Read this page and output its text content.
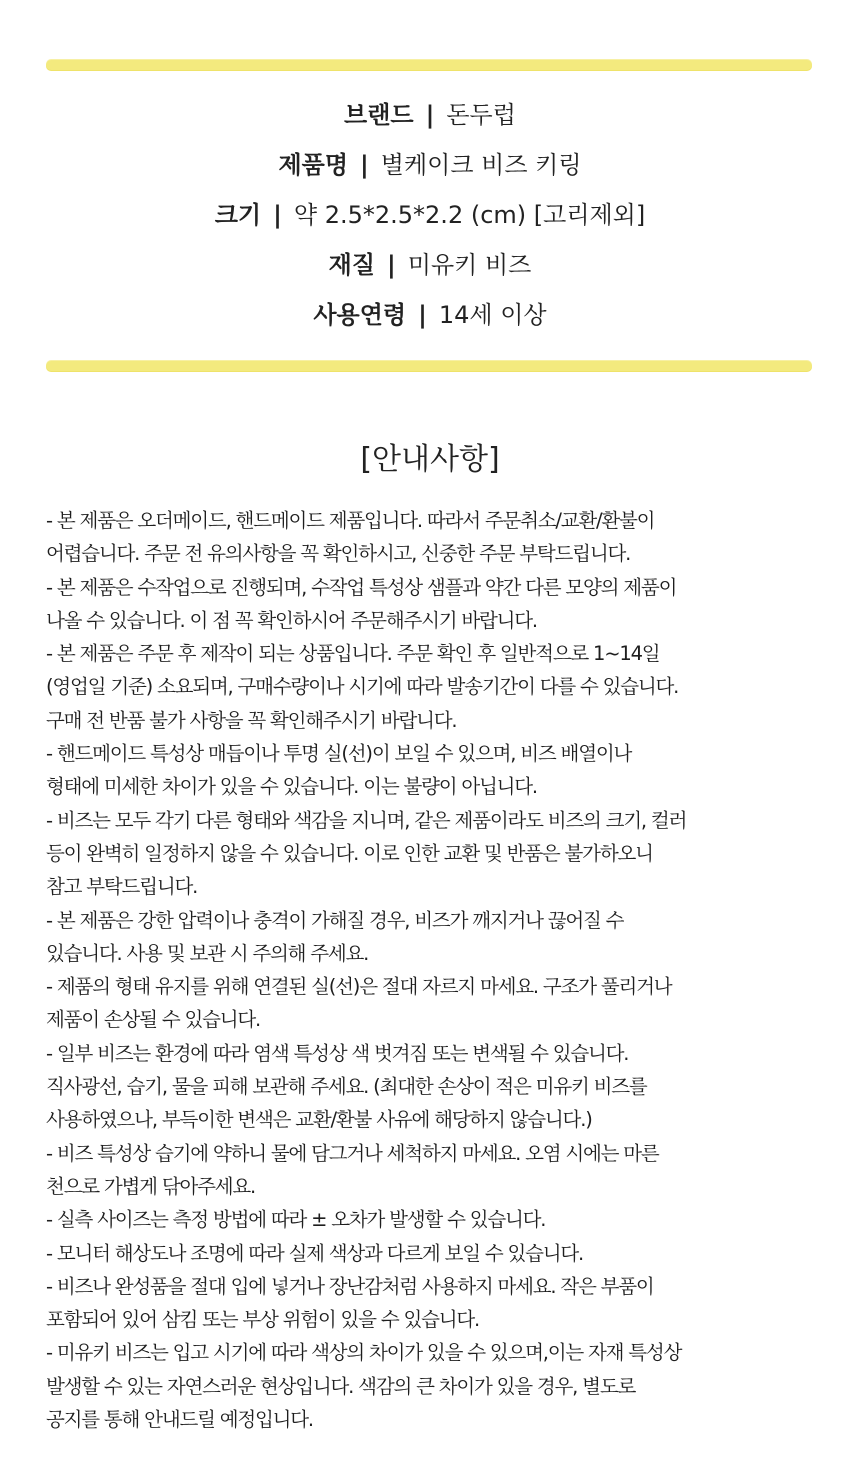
브랜드 | 돈두럽
제품명 | 별케이크 비즈 키링
크기 | 약 2.5*2.5*2.2 (cm) [고리제외]
재질 | 미유키 비즈
사용연령 | 14세 이상
[안내사항]
- 본 제품은 오더메이드, 핸드메이드 제품입니다. 따라서 주문취소/교환/환불이
어렵습니다. 주문 전 유의사항을 꼭 확인하시고, 신중한 주문 부탁드립니다.
- 본 제품은 수작업으로 진행되며, 수작업 특성상 샘플과 약간 다른 모양의 제품이
나올 수 있습니다. 이 점 꼭 확인하시어 주문해주시기 바랍니다.
- 본 제품은 주문 후 제작이 되는 상품입니다. 주문 확인 후 일반적으로 1~14일
(영업일 기준) 소요되며, 구매수량이나 시기에 따라 발송기간이 다를 수 있습니다.
구매 전 반품 불가 사항을 꼭 확인해주시기 바랍니다.
- 핸드메이드 특성상 매듭이나 투명 실(선)이 보일 수 있으며, 비즈 배열이나
형태에 미세한 차이가 있을 수 있습니다. 이는 불량이 아닙니다.
- 비즈는 모두 각기 다른 형태와 색감을 지니며, 같은 제품이라도 비즈의 크기, 컬러
등이 완벽히 일정하지 않을 수 있습니다. 이로 인한 교환 및 반품은 불가하오니
참고 부탁드립니다.
- 본 제품은 강한 압력이나 충격이 가해질 경우, 비즈가 깨지거나 끊어질 수
있습니다. 사용 및 보관 시 주의해 주세요.
- 제품의 형태 유지를 위해 연결된 실(선)은 절대 자르지 마세요. 구조가 풀리거나
제품이 손상될 수 있습니다.
- 일부 비즈는 환경에 따라 염색 특성상 색 벗겨짐 또는 변색될 수 있습니다.
직사광선, 습기, 물을 피해 보관해 주세요. (최대한 손상이 적은 미유키 비즈를
사용하였으나, 부득이한 변색은 교환/환불 사유에 해당하지 않습니다.)
- 비즈 특성상 습기에 약하니 물에 담그거나 세척하지 마세요. 오염 시에는 마른
천으로 가볍게 닦아주세요.
- 실측 사이즈는 측정 방법에 따라 ± 오차가 발생할 수 있습니다.
- 모니터 해상도나 조명에 따라 실제 색상과 다르게 보일 수 있습니다.
- 비즈나 완성품을 절대 입에 넣거나 장난감처럼 사용하지 마세요. 작은 부품이
포함되어 있어 삼킴 또는 부상 위험이 있을 수 있습니다.
- 미유키 비즈는 입고 시기에 따라 색상의 차이가 있을 수 있으며,이는 자재 특성상
발생할 수 있는 자연스러운 현상입니다. 색감의 큰 차이가 있을 경우, 별도로
공지를 통해 안내드릴 예정입니다.
